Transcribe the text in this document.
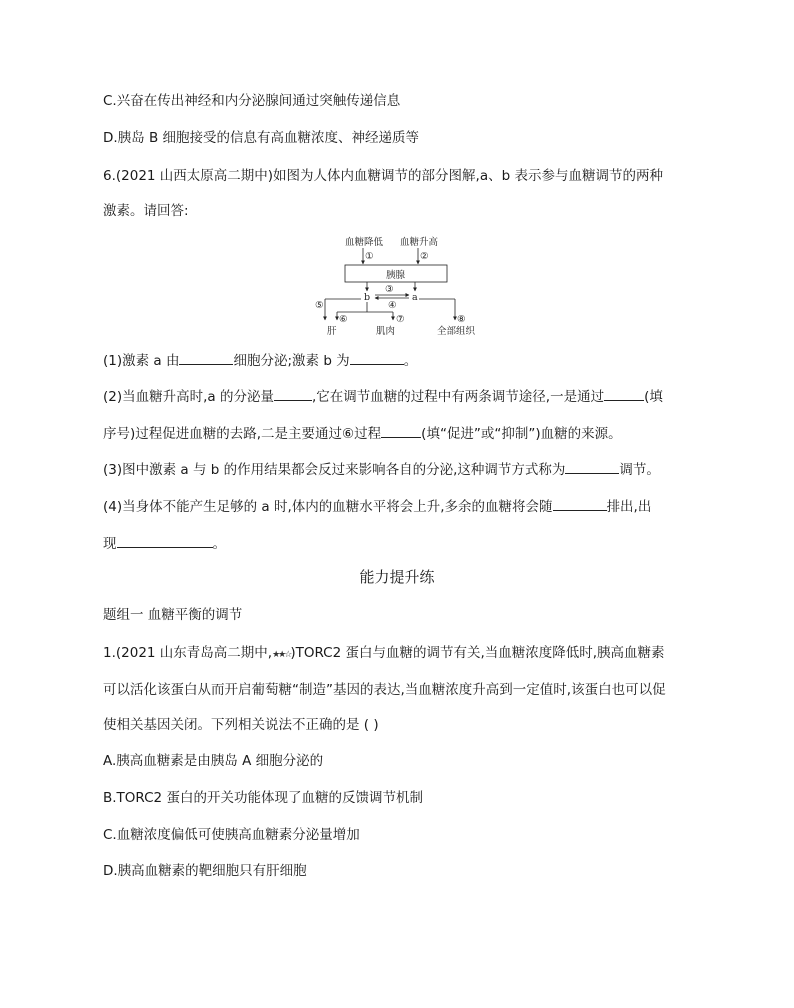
C.兴奋在传出神经和内分泌腺间通过突触传递信息
D.胰岛 B 细胞接受的信息有高血糖浓度、神经递质等
6.(2021 山西太原高二期中)如图为人体内血糖调节的部分图解,a、b 表示参与血糖调节的两种
激素。请回答:
血糖降低 血糖升高
①	②
胰腺
b	a
③
④
⑤
⑥	⑦	⑧
肝	肌肉	全部组织
(1)激素 a 由	细胞分泌;激素 b 为	。
(2)当血糖升高时,a 的分泌量	,它在调节血糖的过程中有两条调节途径,一是通过	(填
序号)过程促进血糖的去路,二是主要通过⑥过程	(填“促进”或“抑制”)血糖的来源。
(3)图中激素 a 与 b 的作用结果都会反过来影响各自的分泌,这种调节方式称为	调节。
(4)当身体不能产生足够的 a 时,体内的血糖水平将会上升,多余的血糖将会随	排出,出
现	。
能力提升练
题组一 血糖平衡的调节
1.(2021 山东青岛高二期中,★★☆)TORC2 蛋白与血糖的调节有关,当血糖浓度降低时,胰高血糖素
可以活化该蛋白从而开启葡萄糖“制造”基因的表达,当血糖浓度升高到一定值时,该蛋白也可以促
使相关基因关闭。下列相关说法不正确的是 ( )
A.胰高血糖素是由胰岛 A 细胞分泌的
B.TORC2 蛋白的开关功能体现了血糖的反馈调节机制
C.血糖浓度偏低可使胰高血糖素分泌量增加
D.胰高血糖素的靶细胞只有肝细胞
